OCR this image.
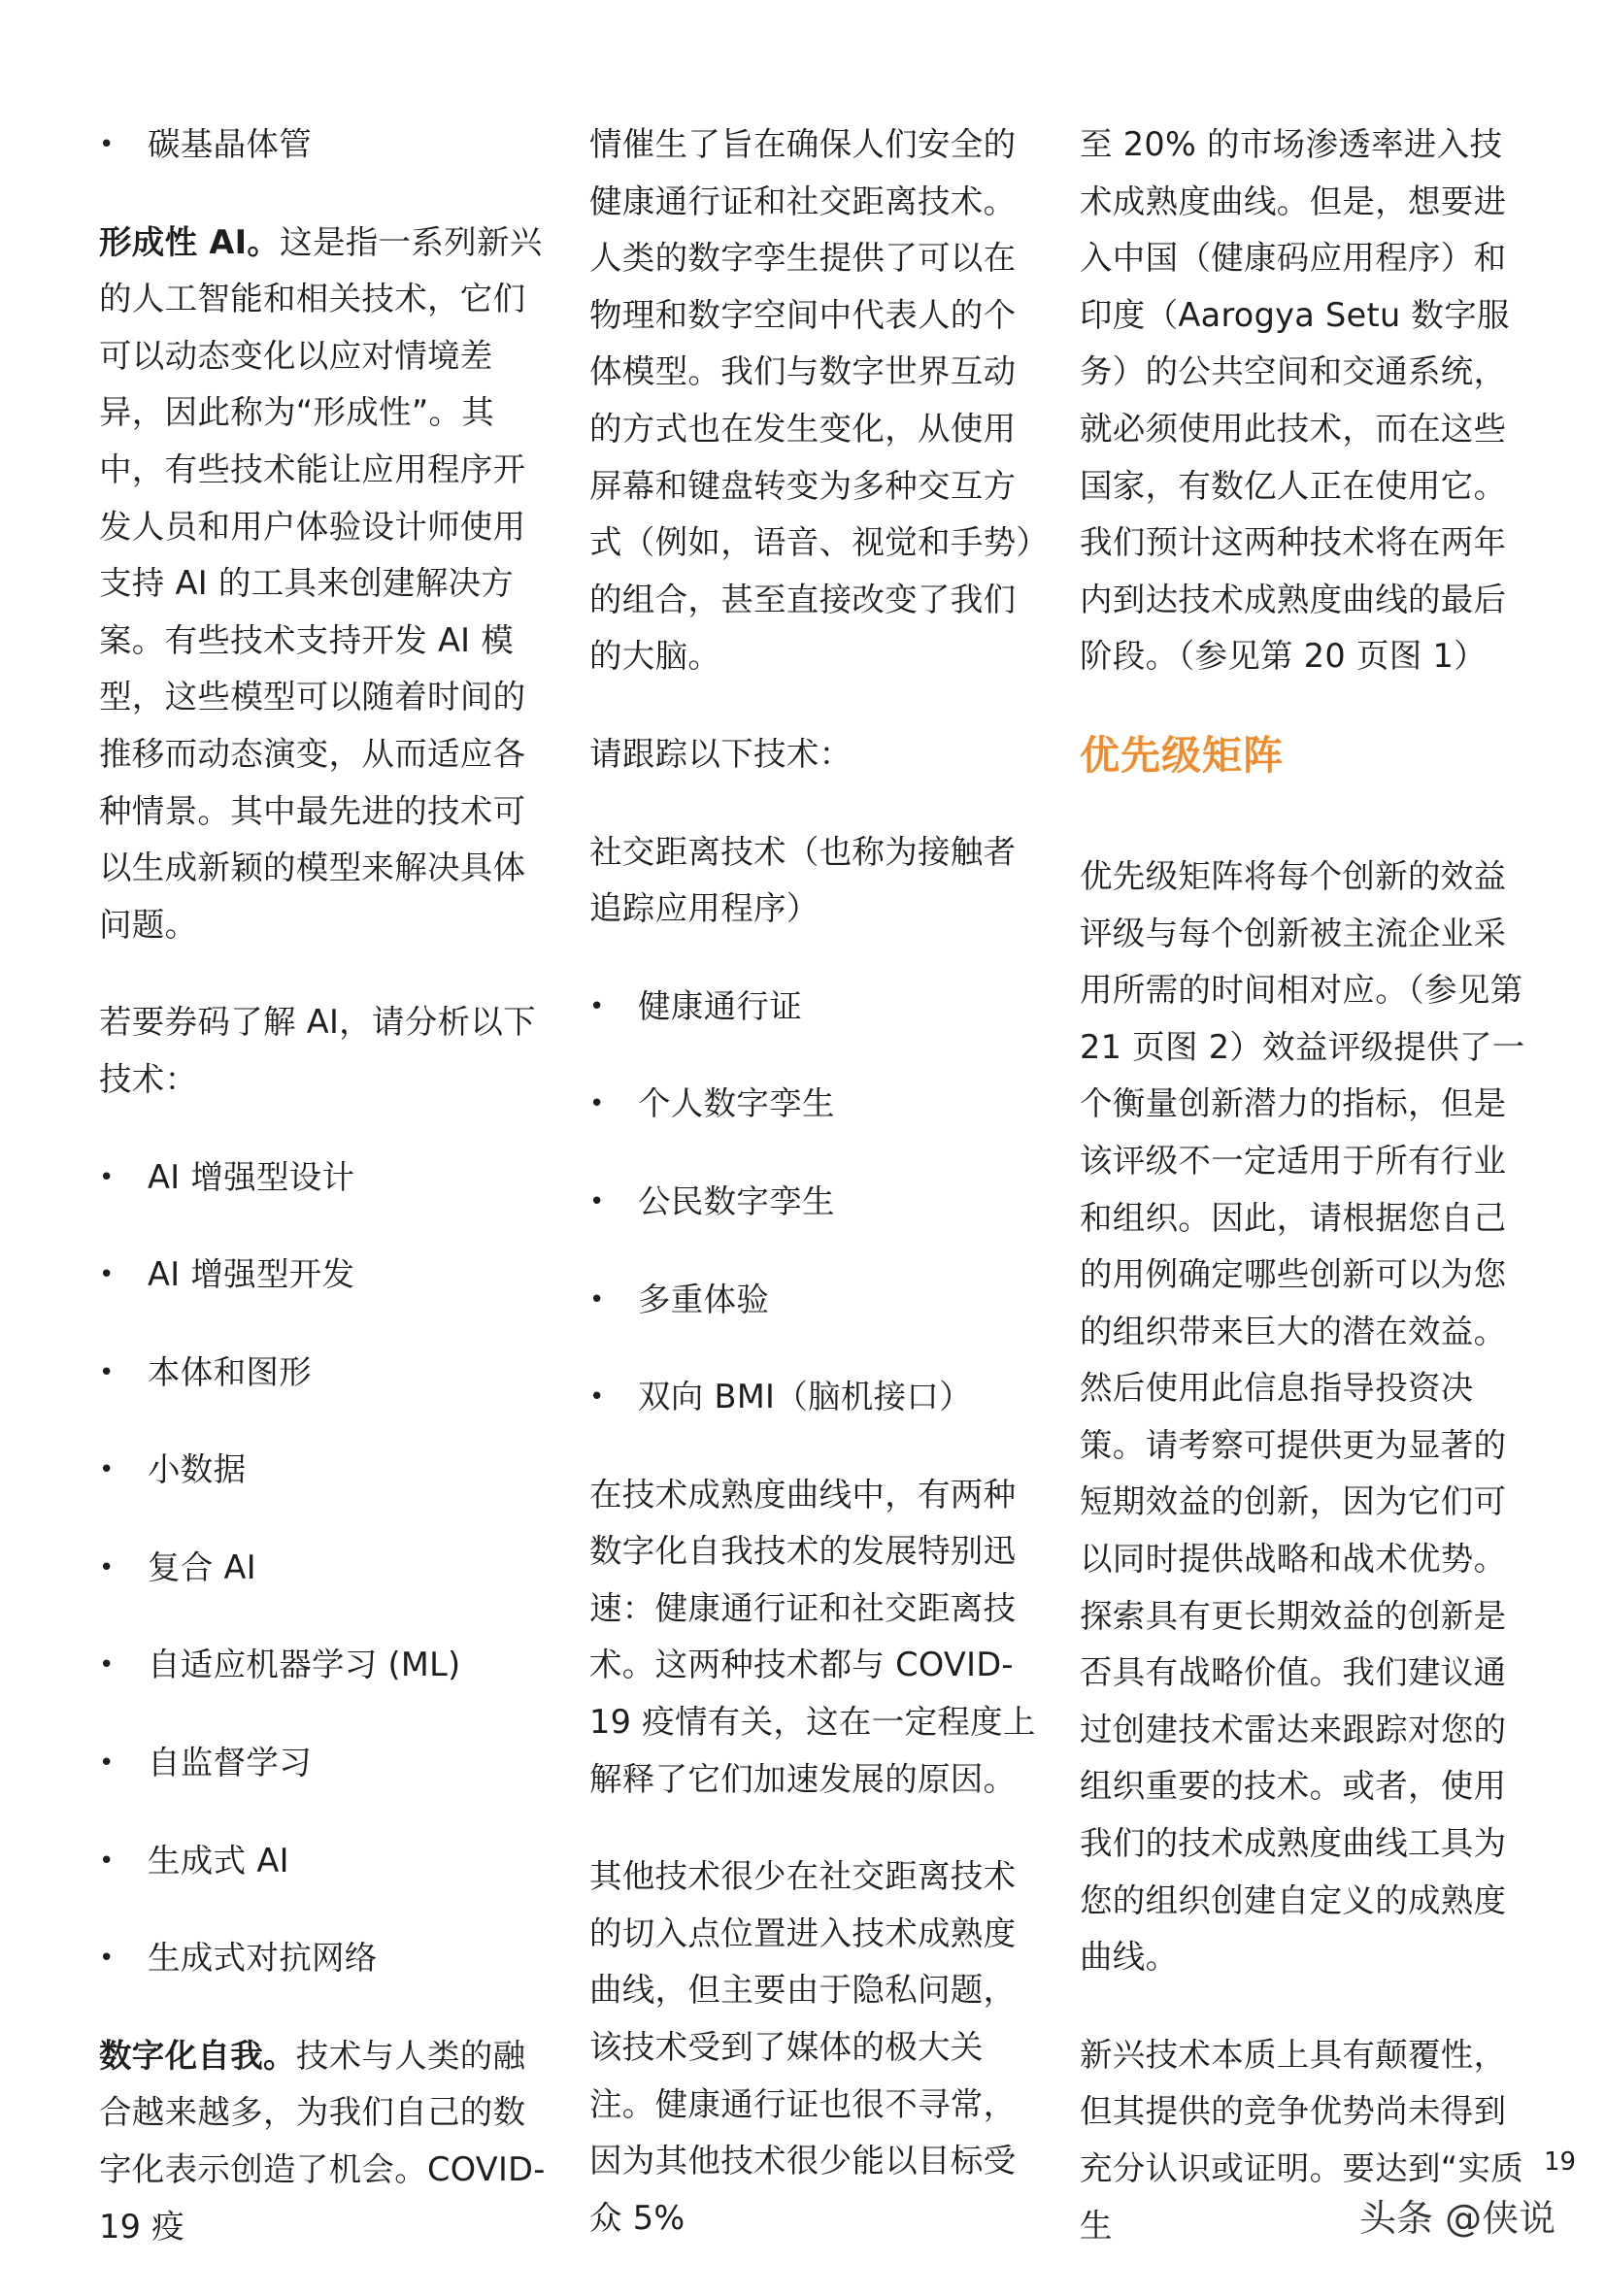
• 碳基晶体管

形成性 AI。这是指一系列新兴的人工智能和相关技术，它们可以动态变化以应对情境差异，因此称为“形成性”。其中，有些技术能让应用程序开发人员和用户体验设计师使用支持 AI 的工具来创建解决方案。有些技术支持开发 AI 模型，这些模型可以随着时间的推移而动态演变，从而适应各种情景。其中最先进的技术可以生成新颖的模型来解决具体问题。

若要券码了解 AI，请分析以下技术：

• AI 增强型设计

• AI 增强型开发

• 本体和图形

• 小数据

• 复合 AI

• 自适应机器学习 (ML)

• 自监督学习

• 生成式 AI

• 生成式对抗网络

数字化自我。技术与人类的融合越来越多，为我们自己的数字化表示创造了机会。COVID-19 疫

情催生了旨在确保人们安全的健康通行证和社交距离技术。人类的数字孪生提供了可以在物理和数字空间中代表人的个体模型。我们与数字世界互动的方式也在发生变化，从使用屏幕和键盘转变为多种交互方式（例如，语音、视觉和手势）的组合，甚至直接改变了我们的大脑。

请跟踪以下技术：

社交距离技术（也称为接触者追踪应用程序）

• 健康通行证

• 个人数字孪生

• 公民数字孪生

• 多重体验

• 双向 BMI（脑机接口）

在技术成熟度曲线中，有两种数字化自我技术的发展特别迅速：健康通行证和社交距离技术。这两种技术都与 COVID-19 疫情有关，这在一定程度上解释了它们加速发展的原因。

其他技术很少在社交距离技术的切入点位置进入技术成熟度曲线，但主要由于隐私问题，该技术受到了媒体的极大关注。健康通行证也很不寻常，因为其他技术很少能以目标受众 5%

至 20% 的市场渗透率进入技术成熟度曲线。但是，想要进入中国（健康码应用程序）和印度（Aarogya Setu 数字服务）的公共空间和交通系统，就必须使用此技术，而在这些国家，有数亿人正在使用它。我们预计这两种技术将在两年内到达技术成熟度曲线的最后阶段。（参见第 20 页图 1）

优先级矩阵

优先级矩阵将每个创新的效益评级与每个创新被主流企业采用所需的时间相对应。（参见第 21 页图 2）效益评级提供了一个衡量创新潜力的指标，但是该评级不一定适用于所有行业和组织。因此，请根据您自己的用例确定哪些创新可以为您的组织带来巨大的潜在效益。然后使用此信息指导投资决策。请考察可提供更为显著的短期效益的创新，因为它们可以同时提供战略和战术优势。探索具有更长期效益的创新是否具有战略价值。我们建议通过创建技术雷达来跟踪对您的组织重要的技术。或者，使用我们的技术成熟度曲线工具为您的组织创建自定义的成熟度曲线。

新兴技术本质上具有颠覆性，但其提供的竞争优势尚未得到充分认识或证明。要达到“实质生

19
头条 @侠说
